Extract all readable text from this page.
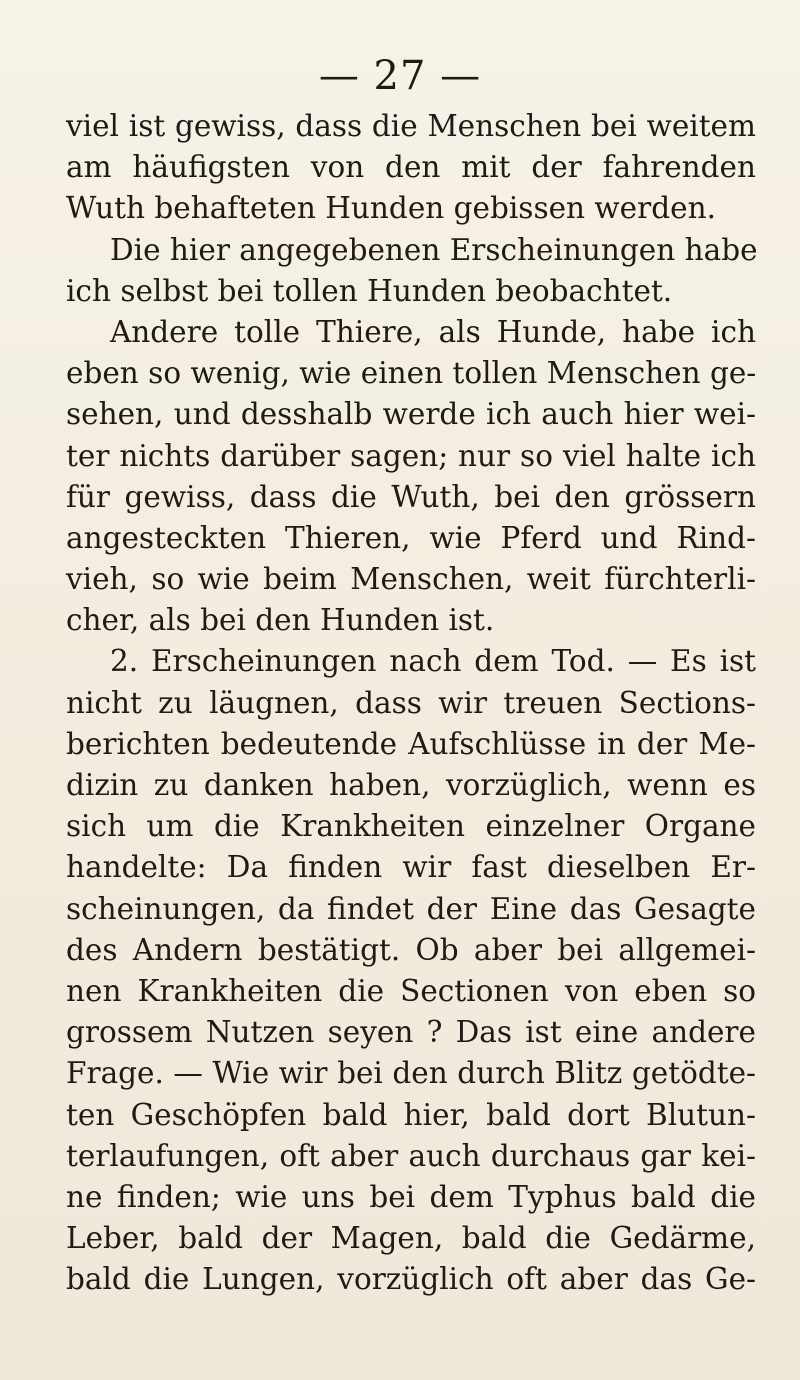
— 27 —
viel ist gewiss, dass die Menschen bei weitem
am häufigsten von den mit der fahrenden
Wuth behafteten Hunden gebissen werden.
Die hier angegebenen Erscheinungen habe
ich selbst bei tollen Hunden beobachtet.
Andere tolle Thiere, als Hunde, habe ich
eben so wenig, wie einen tollen Menschen ge-
sehen, und desshalb werde ich auch hier wei-
ter nichts darüber sagen; nur so viel halte ich
für gewiss, dass die Wuth, bei den grössern
angesteckten Thieren, wie Pferd und Rind-
vieh, so wie beim Menschen, weit fürchterli-
cher, als bei den Hunden ist.
2. Erscheinungen nach dem Tod. — Es ist
nicht zu läugnen, dass wir treuen Sections-
berichten bedeutende Aufschlüsse in der Me-
dizin zu danken haben, vorzüglich, wenn es
sich um die Krankheiten einzelner Organe
handelte: Da finden wir fast dieselben Er-
scheinungen, da findet der Eine das Gesagte
des Andern bestätigt. Ob aber bei allgemei-
nen Krankheiten die Sectionen von eben so
grossem Nutzen seyen ? Das ist eine andere
Frage. — Wie wir bei den durch Blitz getödte-
ten Geschöpfen bald hier, bald dort Blutun-
terlaufungen, oft aber auch durchaus gar kei-
ne finden; wie uns bei dem Typhus bald die
Leber, bald der Magen, bald die Gedärme,
bald die Lungen, vorzüglich oft aber das Ge-
